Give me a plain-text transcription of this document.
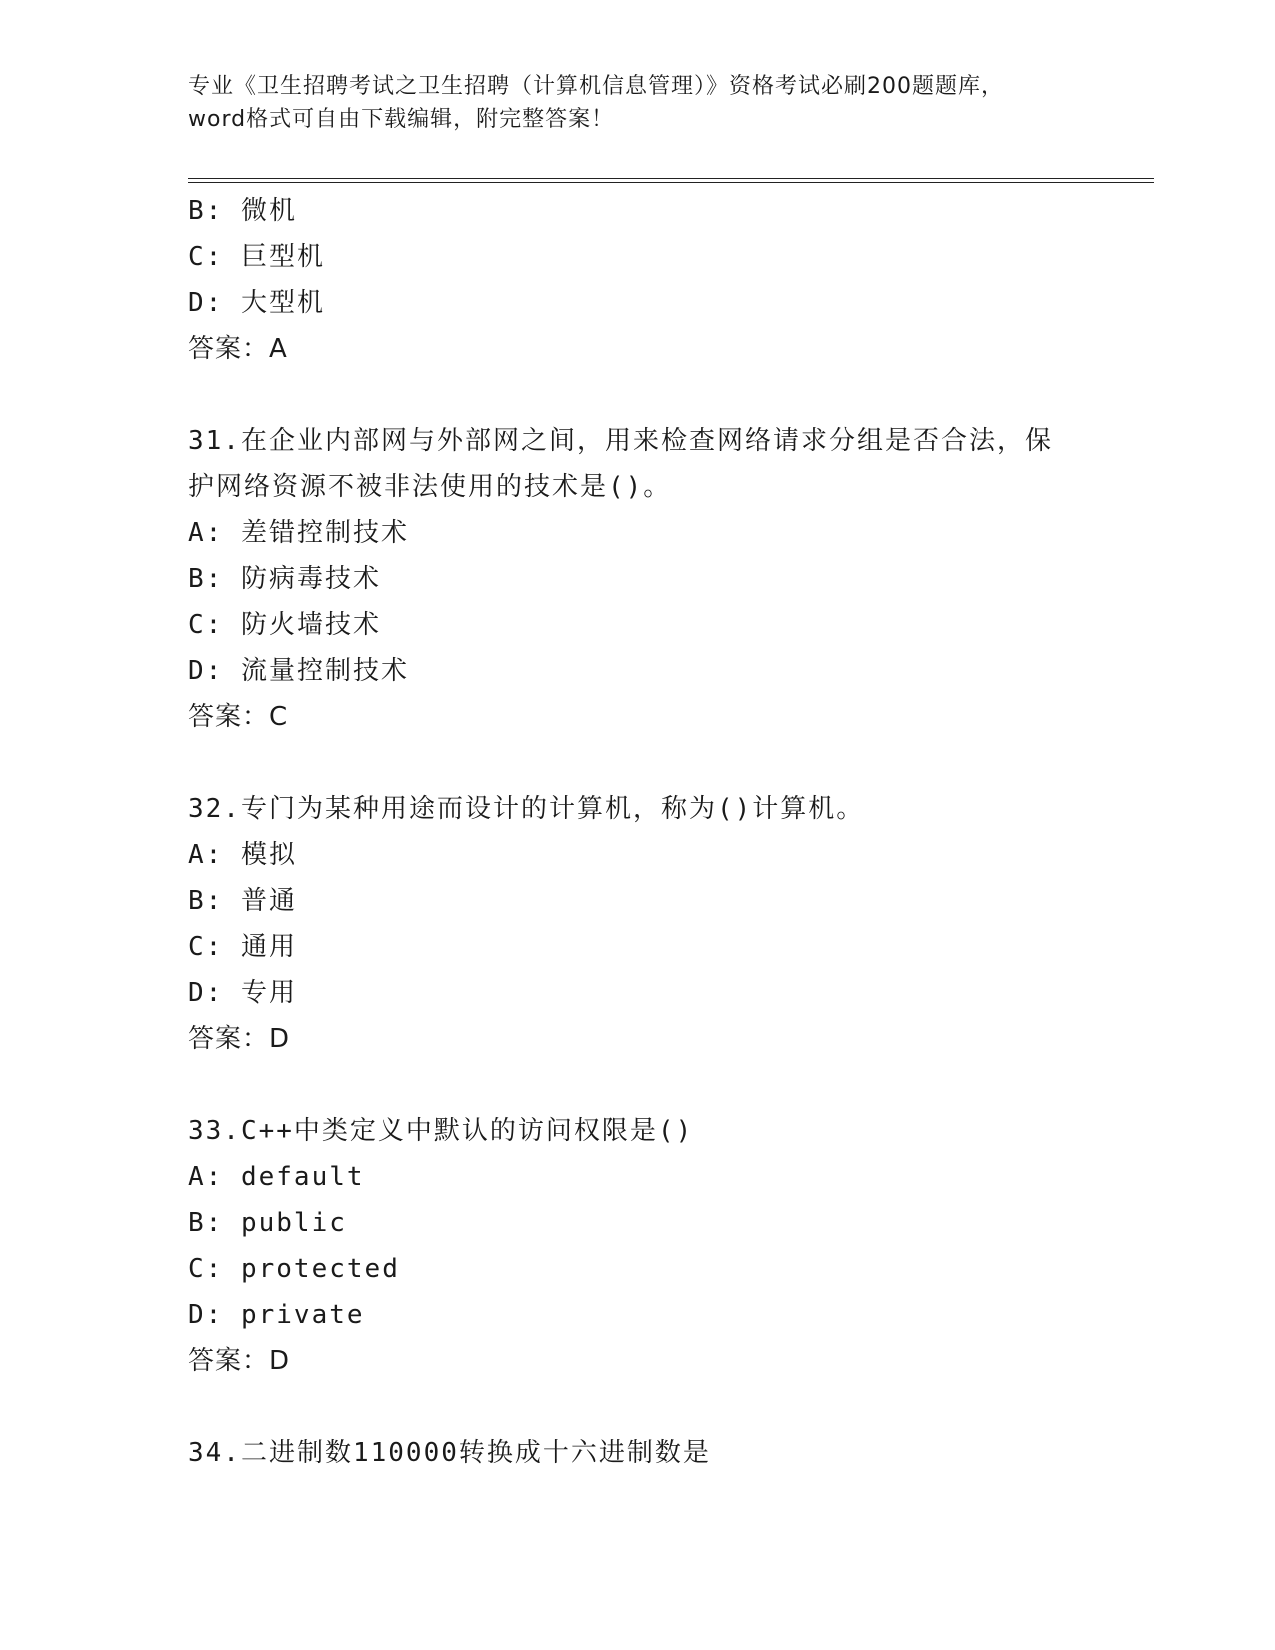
专业《卫生招聘考试之卫生招聘（计算机信息管理）》资格考试必刷200题题库，
word格式可自由下载编辑，附完整答案！
B: 微机
C: 巨型机
D: 大型机
答案：A
31.在企业内部网与外部网之间，用来检查网络请求分组是否合法，保
护网络资源不被非法使用的技术是()。
A: 差错控制技术
B: 防病毒技术
C: 防火墙技术
D: 流量控制技术
答案：C
32.专门为某种用途而设计的计算机，称为()计算机。
A: 模拟
B: 普通
C: 通用
D: 专用
答案：D
33.C++中类定义中默认的访问权限是()
A: default
B: public
C: protected
D: private
答案：D
34.二进制数110000转换成十六进制数是
